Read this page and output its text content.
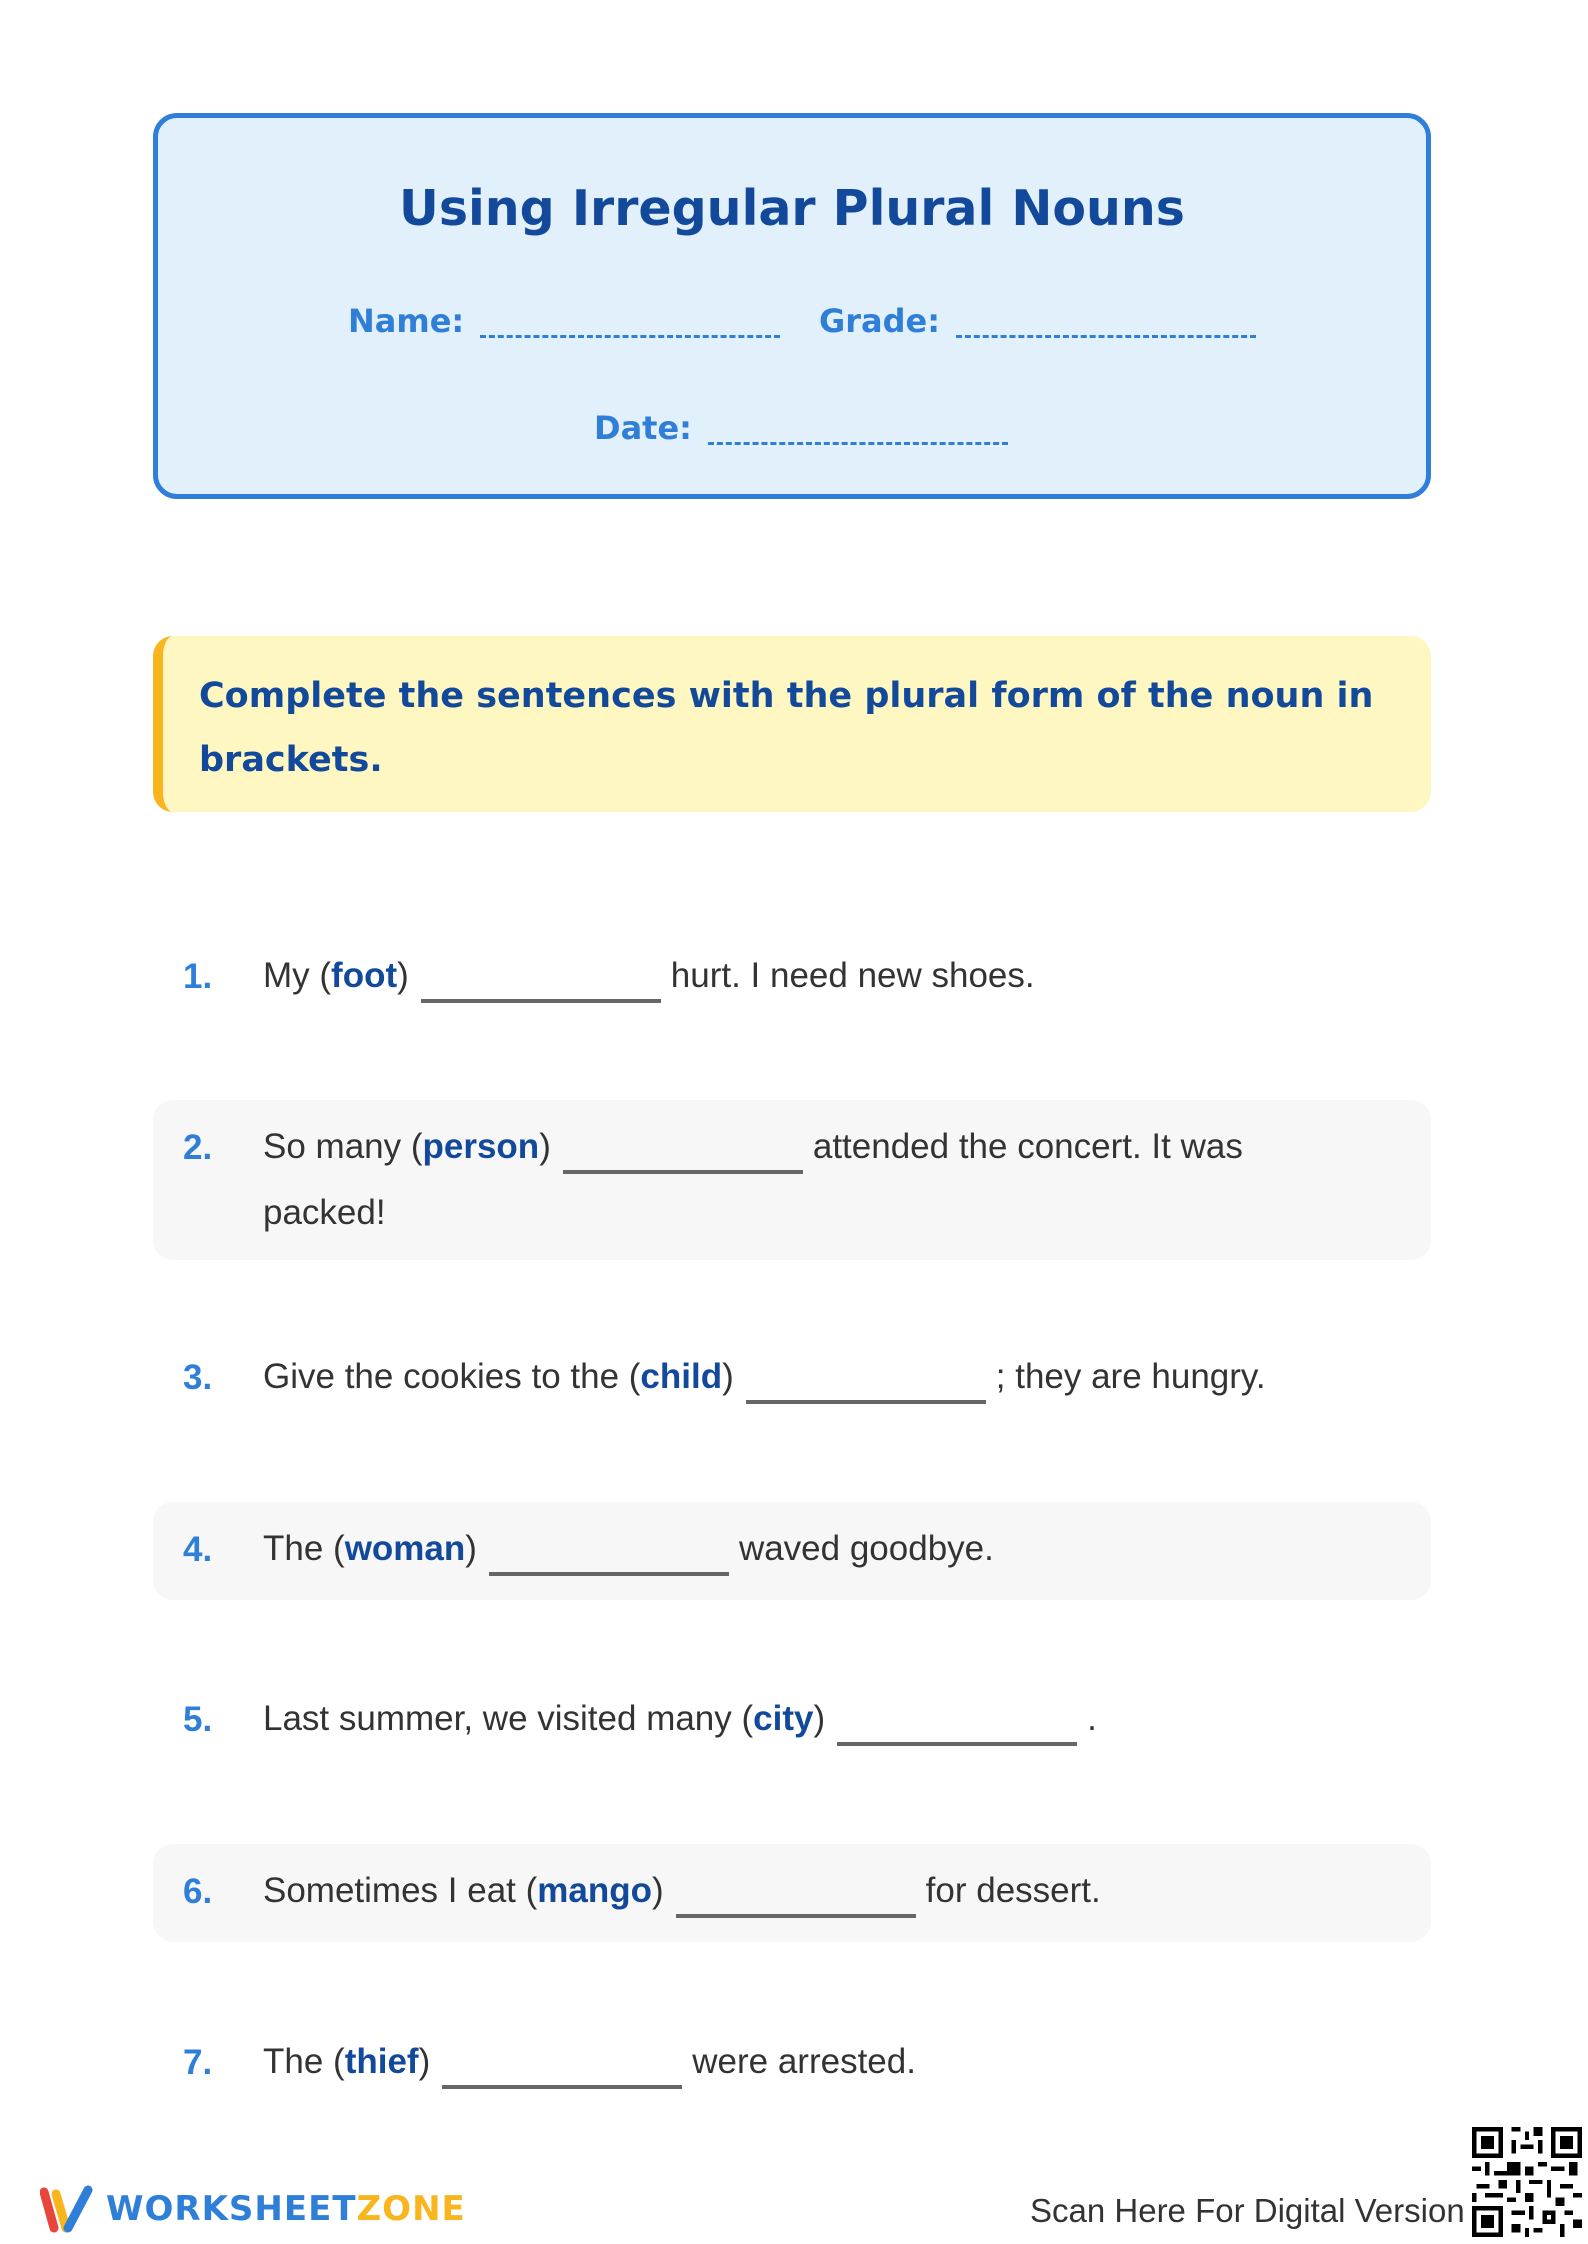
Using Irregular Plural Nouns
Name:	Grade:
Date:

Complete the sentences with the plural form of the noun in brackets.

1. My (foot)	hurt. I need new shoes.
2. So many (person)	attended the concert. It was packed!
3. Give the cookies to the (child)	; they are hungry.
4. The (woman)	waved goodbye.
5. Last summer, we visited many (city)	.
6. Sometimes I eat (mango)	for dessert.
7. The (thief)	were arrested.
WORKSHEETZONE	Scan Here For Digital Version
